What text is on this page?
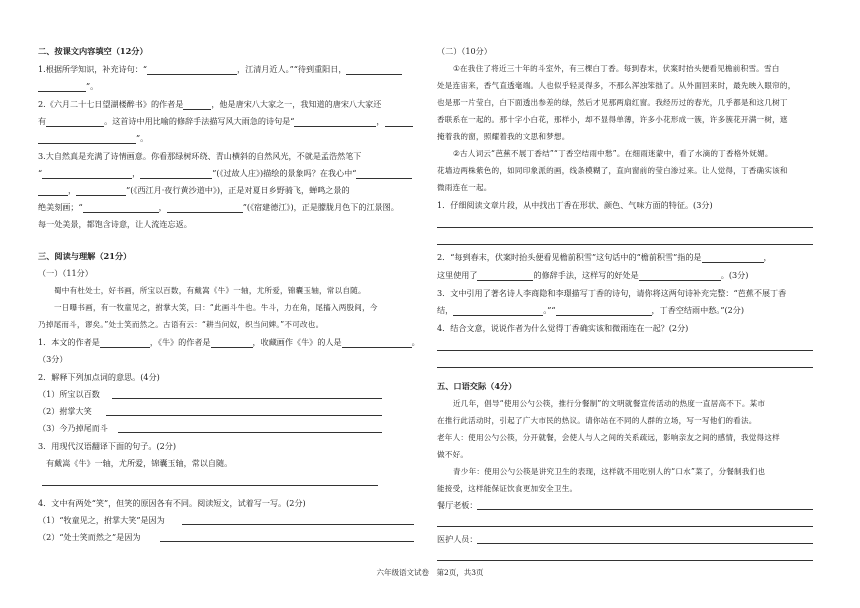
二、按课文内容填空（12分）
1.根据所学知识，补充诗句：“	，江清月近人。”“待到重阳日，
”。
2.《六月二十七日望湖楼醉书》的作者是	，他是唐宋八大家之一，我知道的唐宋八大家还
有	。这首诗中用比喻的修辞手法描写风大雨急的诗句是“	，
”。
3.大自然真是充满了诗情画意。你看那绿树环绕、青山横斜的自然风光，不就是孟浩然笔下
“	，	”(《过故人庄》)描绘的景象吗？在我心中“
，	”(《西江月·夜行黄沙道中》)，正是对夏日乡野骑飞，蝉鸣之景的
绝美刻画；“	，	”(《宿建德江》)，正是朦胧月色下的江景图。
每一处美景，都饱含诗意，让人流连忘返。
三、阅读与理解（21分）
（一）（11分）
蜀中有杜处士，好书画，所宝以百数，有戴嵩《牛》一轴，尤所爱，锦囊玉轴，常以自随。
一日曝书画，有一牧童见之，拊掌大笑，曰：“此画斗牛也。牛斗，力在角，尾搐入两股间，今
乃掉尾而斗，谬矣。”处士笑而然之。古语有云：“耕当问奴，织当问婢。”不可改也。
1．本文的作者是	，《牛》的作者是	，收藏画作《牛》的人是	。
（3分）
2．解释下列加点词的意思。(4分)
（1）所宝以百数
（2）拊掌大笑
（3）今乃掉尾而斗
3．用现代汉语翻译下面的句子。(2分)
有戴嵩《牛》一轴，尤所爱，锦囊玉轴，常以自随。
4．文中有两处“笑”，但笑的原因各有不同。阅读短文，试着写一写。(2分)
（1）“牧童见之，拊掌大笑”是因为
（2）“处士笑而然之”是因为
（二）（10分）
①在我住了将近三十年的斗室外，有三棵白丁香。每到春末，伏案时抬头便看见檐前积雪。雪白
处是连宙来，香气直透毫端。人也似乎轻灵得多，不那么浑浊笨拙了。从外面回来时，最先映入眼帘的，
也是那一片莹白，白下面透出参差的绿，然后才见那两扇红窗。我经历过的春光，几乎都是和这几树丁
香联系在一起的。那十字小白花，那样小，却不显得单薄，许多小花形成一簇，许多簇花开满一树，遮
掩着我的窗，照耀着我的文思和梦想。
②古人词云“芭蕉不展丁香结”“丁香空结雨中愁”。在细雨迷蒙中，看了水滴的丁香格外妩媚。
花墙边两株紫色的，如同印象派的画，线条模糊了，直向窗前的莹白渗过来。让人觉得，丁香确实该和
微雨连在一起。
1．仔细阅读文章片段，从中找出丁香在形状、颜色、气味方面的特征。(3分)
2．“每到春末，伏案时抬头便看见檐前积雪”这句话中的“檐前积雪”指的是	，
这里使用了	的修辞手法，这样写的好处是	。(3分)
3．文中引用了著名诗人李商隐和李璟描写丁香的诗句，请你将这两句诗补充完整：“芭蕉不展丁香
结，	。”“	，丁香空结雨中愁。”(2分)
4．结合文意，说说作者为什么觉得丁香确实该和微雨连在一起？(2分)
五、口语交际（4分）
近几年，倡导“使用公勺公筷，推行分餐制”的文明就餐宣传活动的热度一直居高不下。某市
在推行此活动时，引起了广大市民的热议。请你站在不同的人群的立场，写一写他们的看法。
老年人：使用公勺公筷，分开就餐，会使人与人之间的关系疏远，影响亲友之间的感情，我觉得这样
做不好。
青少年：使用公勺公筷是讲究卫生的表现，这样就不用吃别人的“口水”菜了，分餐制我们也
能接受，这样能保证饮食更加安全卫生。
餐厅老板：
医护人员：
六年级语文试卷　第2页，共3页
